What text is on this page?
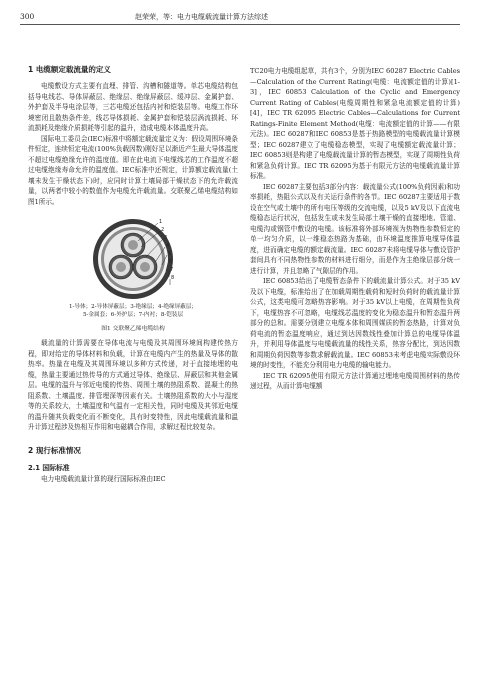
300	赵荣荣，等：电力电缆载流量计算方法综述
1 电缆额定载流量的定义

电缆敷设方式主要有直埋、排管、沟槽和隧道等。单芯电缆结构包括导电线芯、导体屏蔽层、绝缘层、绝缘屏蔽层、缓冲层、金属护套、外护套及半导电涂层等，三芯电缆还包括内衬和铠装层等。电缆工作环境密闭且散热条件差，线芯导体损耗、金属护套和铠装层涡流损耗、环流损耗及绝缘介质损耗等引起的温升，造成电缆本体温度升高。

国际电工委员会(IEC)标准中将额定载流量定义为：假设周围环境条件恒定，连续恒定电流(100%负载因数)刚好足以渐近产生最大导体温度不超过电缆绝缘允许的温度值。即在此电流下电缆线芯的工作温度不超过电缆绝缘寿命允许的温度值。IEC标准中还规定，计算额定载流量(土壤未发生干燥状态下)时，应同时计算土壤局部干燥状态下的允许载流量，以两者中较小的数值作为电缆允许载流量。交联聚乙烯电缆结构如图1所示。

1
2
3
4
5
6
7
8
1-导体；2-导体屏蔽层；3-绝缘层；4-绝缘屏蔽层；
5-金属套；6-外护层；7-内衬；8-铠装层
图1 交联聚乙烯电缆结构

载流量的计算需要在导体电流与电缆及其周围环境间构建传热方程，即对给定的导体材料和负载，计算在电缆内产生的热量及导体的散热率。热量在电缆及其周围环境以多种方式传递，对于直接地埋的电缆，热量主要通过热传导的方式通过导体、绝缘层、屏蔽层和其他金属层。电缆的温升与邻近电缆的传热、周围土壤的热阻系数、混凝土的热阻系数、土壤温度、排管埋深等因素有关。土壤热阻系数的大小与湿度等的关系较大，土壤温度和气温有一定相关性，同时电缆及其邻近电缆的温升随其负载变化而不断变化，具有时变特性，因此电缆载流量和温升计算过程涉及热相互作用和电磁耦合作用，求解过程比较复杂。

2 现行标准情况
2.1 国际标准

电力电缆载流量计算的现行国际标准由IEC

TC20电力电缆组起草，共有3个，分别为IEC 60287 Electric Cables—Calculation of the Current Rating(电缆：电流额定值的计算)[1-3]，IEC 60853 Calculation of the Cyclic and Emergency Current Rating of Cables(电缆周期性和紧急电流额定值的计算)[4]，IEC TR 62095 Electric Cables—Calculations for Current Ratings-Finite Element Method(电缆：电流额定值的计算——有限元法)。IEC 60287和IEC 60853是基于热路模型的电缆载流量计算模型；IEC 60287建立了电缆稳态模型，实现了电缆额定载流量计算；IEC 60853则是构建了电缆载流量计算的暂态模型，实现了周期性负荷和紧急负荷计算。IEC TR 62095为基于有限元方法的电缆载流量计算标准。

IEC 60287主要包括3部分内容：载流量公式(100%负荷因素)和功率损耗，热阻公式以及有关运行条件的各节。IEC 60287主要适用于数设在空气或土壤中的所有电压等级的交流电缆，以及5 kV及以下直流电缆稳态运行状况，包括发生或未发生局部土壤干燥的直接埋地、管道、电缆沟或钢管中敷设的电缆。该标准将外部环境视为热物性参数恒定的单一均匀介质，以一维稳态热路为基础，由环境温度推算电缆导体温度，进而确定电缆的额定载流量。IEC 60287未将电缆导体与敷设管护套间具有不同热物性参数的材料进行细分，而是作为主绝缘层部分统一进行计算，并且忽略了气隙层的作用。

IEC 60853给出了电缆暂态条件下的载流量计算公式。对于35 kV及以下电缆，标准给出了在加载周期性载荷和短时负荷时的载流量计算公式，这类电缆可忽略热容影响。对于35 kV以上电缆，在周期性负荷下，电缆热容不可忽略，电缆线芯温度的变化为稳态温升和暂态温升两部分的总和。需要分别建立电缆本体和周围媒质的暂态热路，计算对负荷电流的暂态温度响应，通过到达因数线性叠加计算总的电缆导体温升，并利用导体温度与电缆载流量的线性关系，热容分配比，到达因数和周期负荷因数等参数求解载流量。IEC 60853未考虑电缆实际敷设环境的时变性，不能充分利用电力电缆的输电能力。

IEC TR 62095使用有限元方法计算通过埋地电缆周围材料的热传递过程，从而计算电缆额
